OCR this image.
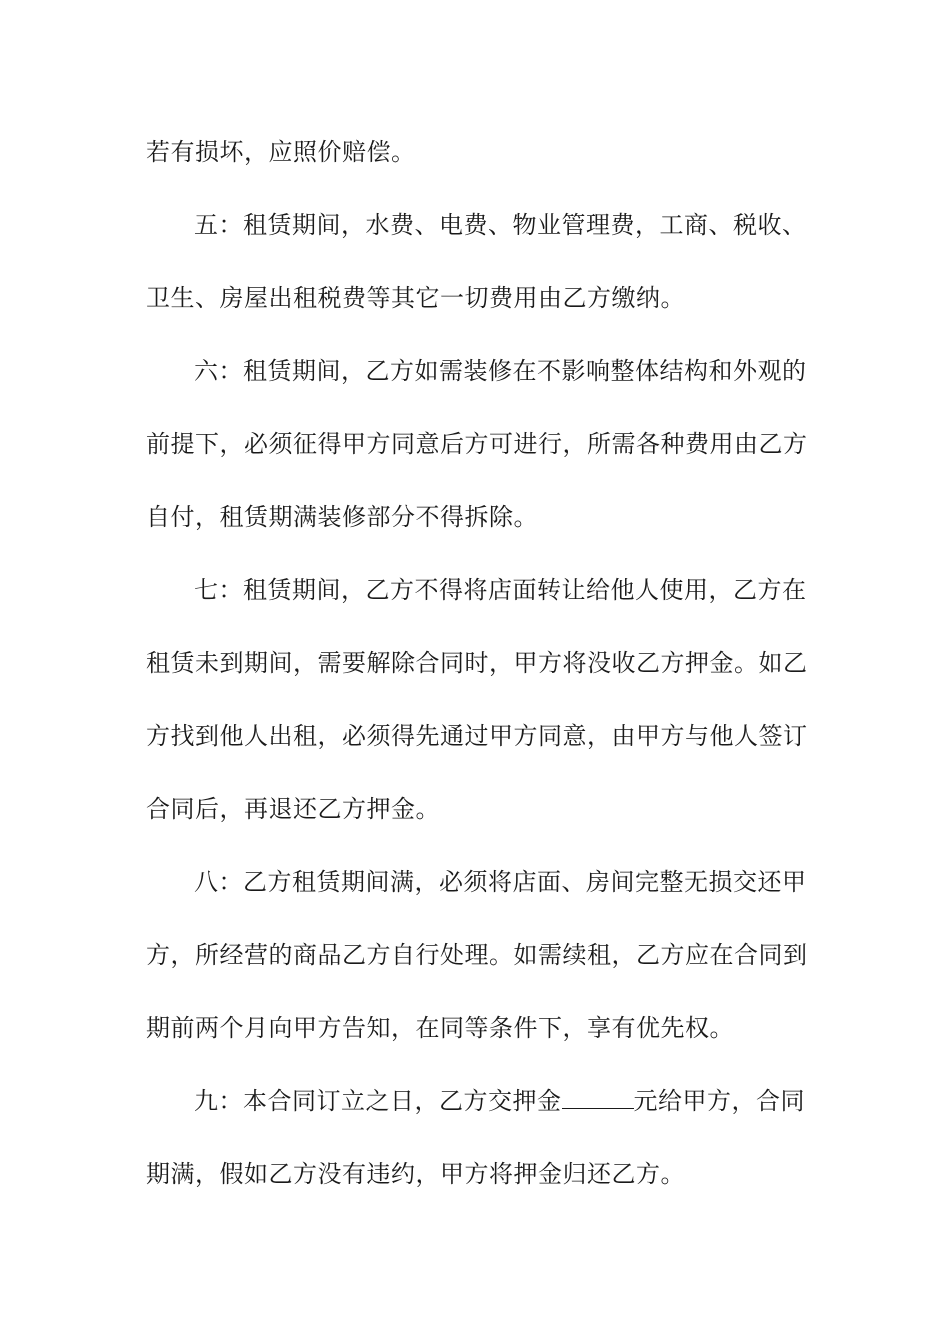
若有损坏，应照价赔偿。
五：租赁期间，水费、电费、物业管理费，工商、税收、
卫生、房屋出租税费等其它一切费用由乙方缴纳。
六：租赁期间，乙方如需装修在不影响整体结构和外观的
前提下，必须征得甲方同意后方可进行，所需各种费用由乙方
自付，租赁期满装修部分不得拆除。
七：租赁期间，乙方不得将店面转让给他人使用，乙方在
租赁未到期间，需要解除合同时，甲方将没收乙方押金。如乙
方找到他人出租，必须得先通过甲方同意，由甲方与他人签订
合同后，再退还乙方押金。
八：乙方租赁期间满，必须将店面、房间完整无损交还甲
方，所经营的商品乙方自行处理。如需续租，乙方应在合同到
期前两个月向甲方告知，在同等条件下，享有优先权。
九：本合同订立之日，乙方交押金	元给甲方，合同
期满，假如乙方没有违约，甲方将押金归还乙方。
